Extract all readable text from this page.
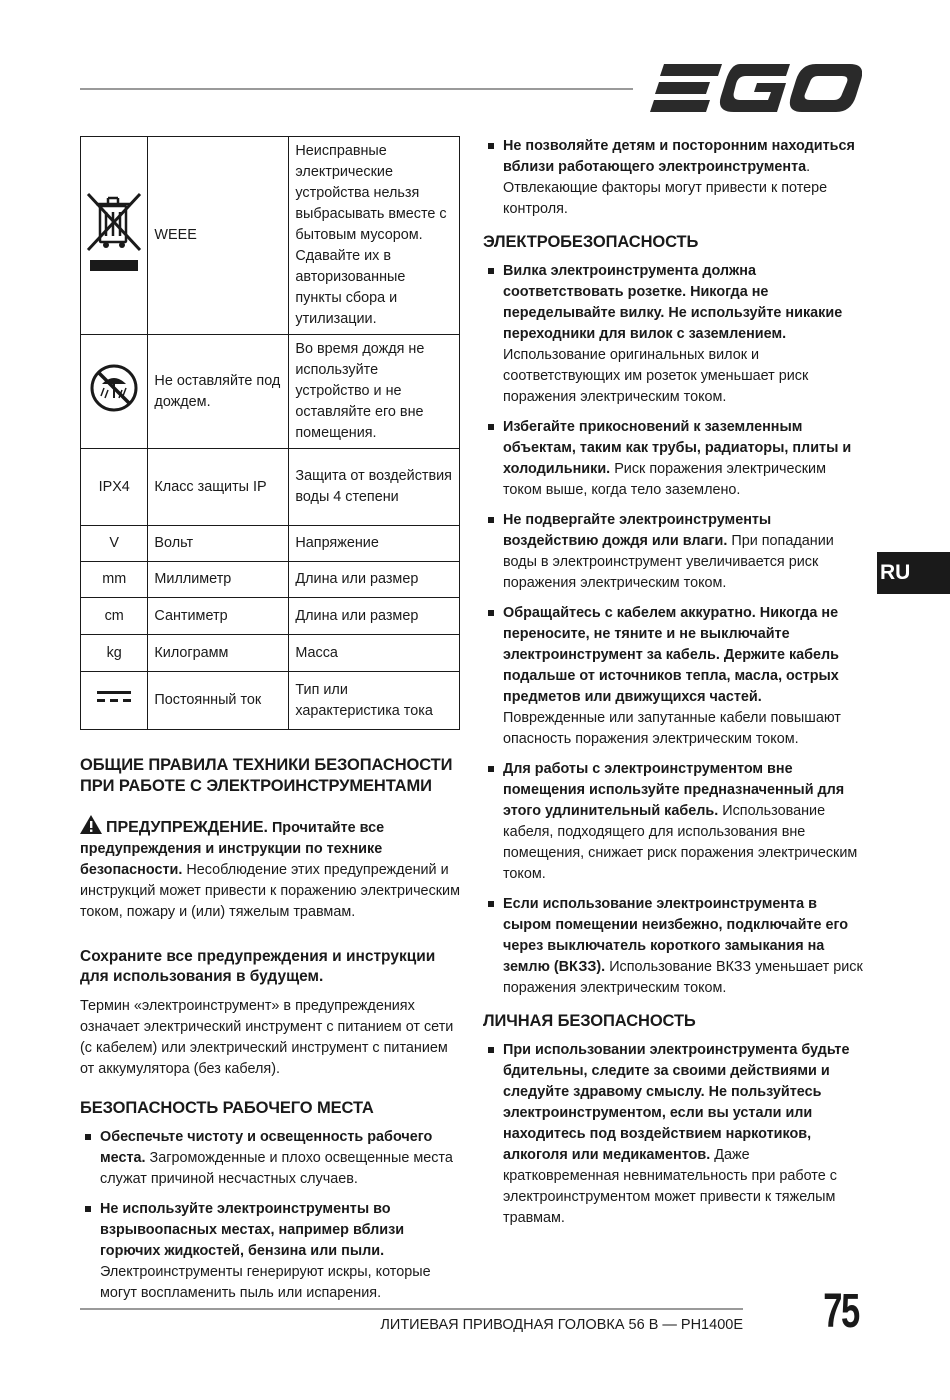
	WEEE	Неисправные электрические устройства нельзя выбрасывать вместе с бытовым мусором. Сдавайте их в авторизованные пункты сбора и утилизации.
	Не оставляйте под дождем.	Во время дождя не используйте устройство и не оставляйте его вне помещения.
IPX4	Класс защиты IP	Защита от воздействия воды 4 степени
V	Вольт	Напряжение
mm	Миллиметр	Длина или размер
cm	Сантиметр	Длина или размер
kg	Килограмм	Масса
	Постоянный ток	Тип или характеристика тока
ОБЩИЕ ПРАВИЛА ТЕХНИКИ БЕЗОПАСНОСТИ ПРИ РАБОТЕ С ЭЛЕКТРОИНСТРУМЕНТАМИ
ПРЕДУПРЕЖДЕНИЕ. Прочитайте все предупреждения и инструкции по технике безопасности. Несоблюдение этих предупреждений и инструкций может привести к поражению электрическим током, пожару и (или) тяжелым травмам.
Сохраните все предупреждения и инструкции для использования в будущем.

Термин «электроинструмент» в предупреждениях означает электрический инструмент с питанием от сети (с кабелем) или электрический инструмент с питанием от аккумулятора (без кабеля).

БЕЗОПАСНОСТЬ РАБОЧЕГО МЕСТА
Обеспечьте чистоту и освещенность рабочего места. Загроможденные и плохо освещенные места служат причиной несчастных случаев.
Не используйте электроинструменты во взрывоопасных местах, например вблизи горючих жидкостей, бензина или пыли. Электроинструменты генерируют искры, которые могут воспламенить пыль или испарения.
Не позволяйте детям и посторонним находиться вблизи работающего электроинструмента. Отвлекающие факторы могут привести к потере контроля.
ЭЛЕКТРОБЕЗОПАСНОСТЬ
Вилка электроинструмента должна соответствовать розетке. Никогда не переделывайте вилку. Не используйте никакие переходники для вилок с заземлением. Использование оригинальных вилок и соответствующих им розеток уменьшает риск поражения электрическим током.
Избегайте прикосновений к заземленным объектам, таким как трубы, радиаторы, плиты и холодильники. Риск поражения электрическим током выше, когда тело заземлено.
Не подвергайте электроинструменты воздействию дождя или влаги. При попадании воды в электроинструмент увеличивается риск поражения электрическим током.
Обращайтесь с кабелем аккуратно. Никогда не переносите, не тяните и не выключайте электроинструмент за кабель. Держите кабель подальше от источников тепла, масла, острых предметов или движущихся частей. Поврежденные или запутанные кабели повышают опасность поражения электрическим током.
Для работы с электроинструментом вне помещения используйте предназначенный для этого удлинительный кабель. Использование кабеля, подходящего для использования вне помещения, снижает риск поражения электрическим током.
Если использование электроинструмента в сыром помещении неизбежно, подключайте его через выключатель короткого замыкания на землю (ВКЗЗ). Использование ВКЗЗ уменьшает риск поражения электрическим током.
ЛИЧНАЯ БЕЗОПАСНОСТЬ
При использовании электроинструмента будьте бдительны, следите за своими действиями и следуйте здравому смыслу. Не пользуйтесь электроинструментом, если вы устали или находитесь под воздействием наркотиков, алкоголя или медикаментов. Даже кратковременная невнимательность при работе с электроинструментом может привести к тяжелым травмам.
RU
ЛИТИЕВАЯ ПРИВОДНАЯ ГОЛОВКА 56 В — PH1400E 75
